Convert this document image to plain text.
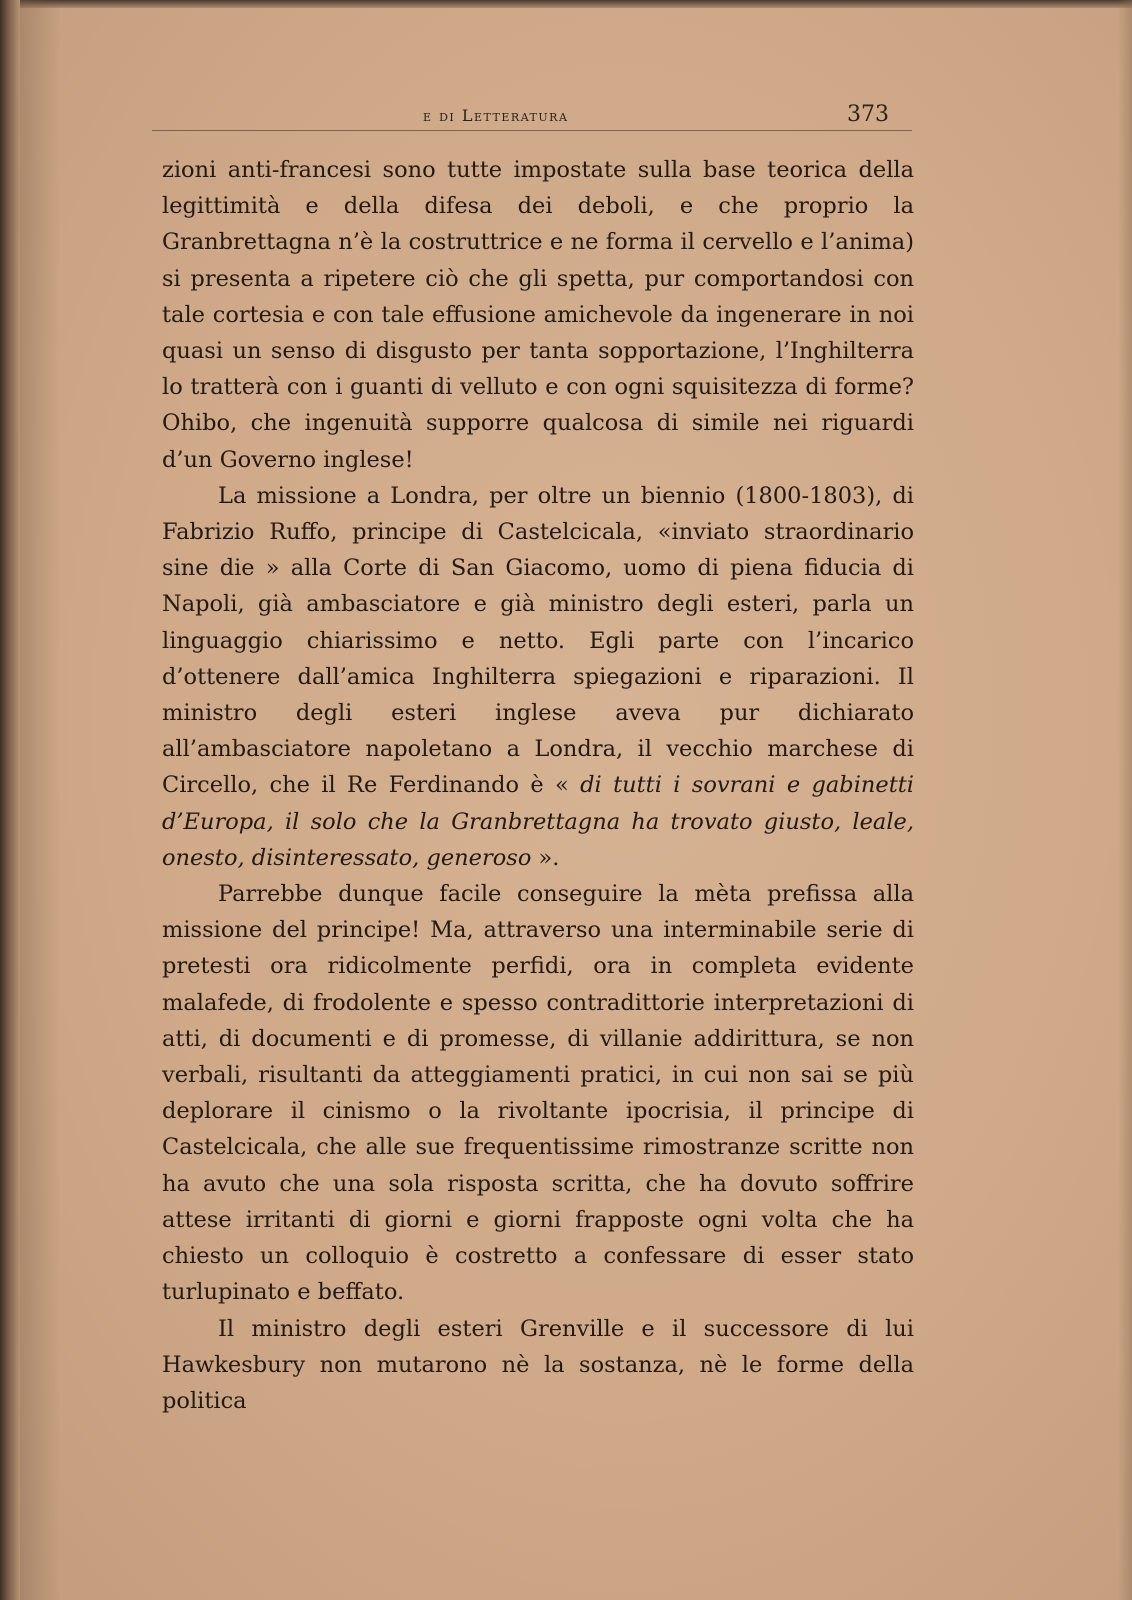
e di Letteratura	373

zioni anti-francesi sono tutte impostate sulla base teorica della legittimità e della difesa dei deboli, e che proprio la Granbrettagna n’è la costruttrice e ne forma il cervello e l’anima) si presenta a ripetere ciò che gli spetta, pur comportandosi con tale cortesia e con tale effusione amichevole da ingenerare in noi quasi un senso di disgusto per tanta sopportazione, l’Inghilterra lo tratterà con i guanti di velluto e con ogni squisitezza di forme? Ohibo, che ingenuità supporre qualcosa di simile nei riguardi d’un Governo inglese!

La missione a Londra, per oltre un biennio (1800-1803), di Fabrizio Ruffo, principe di Castelcicala, «inviato straordinario sine die » alla Corte di San Giacomo, uomo di piena fiducia di Napoli, già ambasciatore e già ministro degli esteri, parla un linguaggio chiarissimo e netto. Egli parte con l’incarico d’ottenere dall’amica Inghilterra spiegazioni e riparazioni. Il ministro degli esteri inglese aveva pur dichiarato all’ambasciatore napoletano a Londra, il vecchio marchese di Circello, che il Re Ferdinando è « di tutti i sovrani e gabinetti d’Europa, il solo che la Granbrettagna ha trovato giusto, leale, onesto, disinteressato, generoso ».

Parrebbe dunque facile conseguire la mèta prefissa alla missione del principe! Ma, attraverso una interminabile serie di pretesti ora ridicolmente perfidi, ora in completa evidente malafede, di frodolente e spesso contradittorie interpretazioni di atti, di documenti e di promesse, di villanie addirittura, se non verbali, risultanti da atteggiamenti pratici, in cui non sai se più deplorare il cinismo o la rivoltante ipocrisia, il principe di Castelcicala, che alle sue frequentissime rimostranze scritte non ha avuto che una sola risposta scritta, che ha dovuto soffrire attese irritanti di giorni e giorni frapposte ogni volta che ha chiesto un colloquio è costretto a confessare di esser stato turlupinato e beffato.

Il ministro degli esteri Grenville e il successore di lui Hawkesbury non mutarono nè la sostanza, nè le forme della politica
